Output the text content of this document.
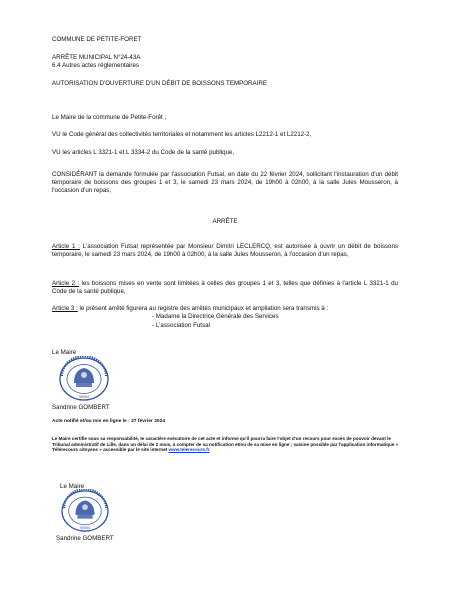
COMMUNE DE PETITE-FORET
ARRÊTE MUNICIPAL N°24-43A
6.4 Autres actes réglementaires
AUTORISATION D'OUVERTURE D'UN DÉBIT DE BOISSONS TEMPORAIRE
Le Maire de la commune de Petite-Forêt ;
VU le Code général des collectivités territoriales et notamment les articles L2212-1 et L2212-2,
VU les articles L 3321-1 et L 3334-2 du Code de la santé publique,
CONSIDÉRANT la demande formulée par l'association Futsal, en date du 22 février 2024, sollicitant l'instauration d'un débit temporaire de boissons des groupes 1 et 3, le samedi 23 mars 2024, de 19h00 à 02h00, à la salle Jules Mousseron, à l'occasion d'un repas,
ARRÊTE
Article 1 : L'association Futsal représentée par Monsieur Dimitri LECLERCQ, est autorisée à ouvrir un débit de boissons temporaire, le samedi 23 mars 2024, de 19h00 à 02h00, à la salle Jules Mousseron, à l'occasion d'un repas,
Article 2 : les boissons mises en vente sont limitées à celles des groupes 1 et 3, telles que définies à l'article L 3321-1 du Code de la santé publique,
Article 3 : le présent arrêté figurera au registre des arrêtés municipaux et ampliation sera transmis à :
- Madame la Directrice Générale des Services
- L'association Futsal
Le Maire
59494
Sandrine GOMBERT
Acte notifié et/ou mis en ligne le : 27 février 2024
Le Maire certifie sous sa responsabilité, le caractère exécutoire de cet acte et informe qu'il pourra faire l'objet d'un recours pour excès de pouvoir devant le Tribunal administratif de Lille, dans un délai de 2 mois, à compter de sa notification et/ou de sa mise en ligne ; saisine possible par l'application informatique « Télérecours citoyens » accessible par le site internet www.telerecours.fr
Le Maire
59494
Sandrine GOMBERT
